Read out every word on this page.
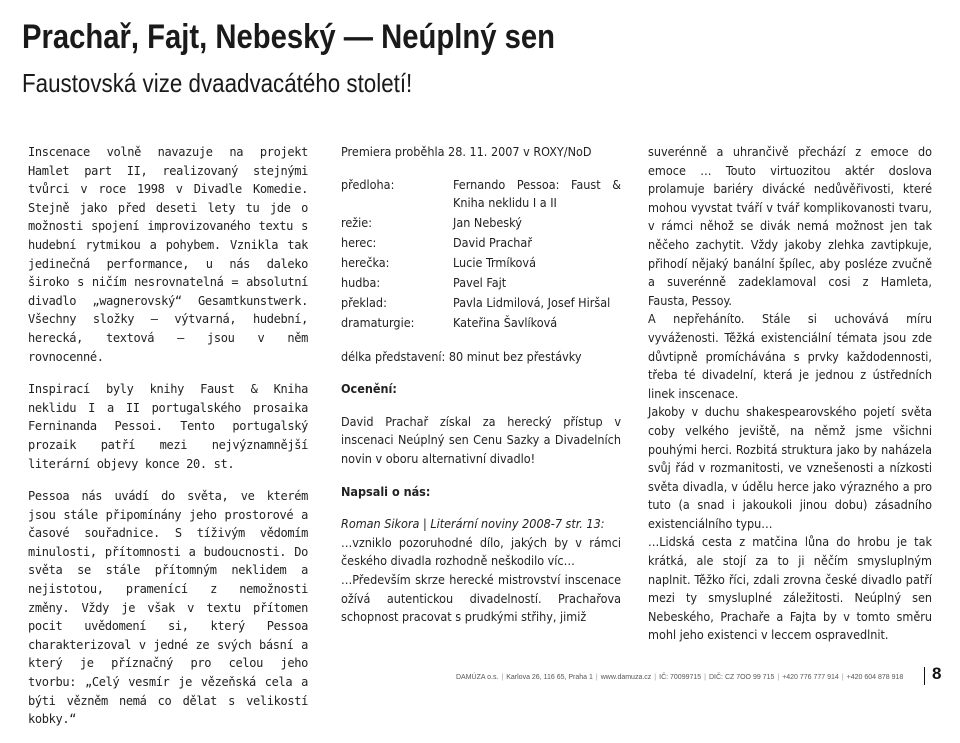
Prachař, Fajt, Nebeský — Neúplný sen
Faustovská vize dvaadvacátého století!

Inscenace volně navazuje na projekt Hamlet part II, realizovaný stejnými tvůrci v roce 1998 v Divadle Komedie. Stejně jako před deseti lety tu jde o možnosti spojení improvizovaného textu s hudební rytmikou a pohybem. Vznikla tak jedinečná performance, u nás daleko široko s ničím nesrovnatelná = absolutní divadlo „wagnerovský“ Gesamtkunstwerk. Všechny složky — výtvarná, hudební, herecká, textová — jsou v něm rovnocenné.

Inspirací byly knihy Faust & Kniha neklidu I a II portugalského prosaika Ferninanda Pessoi. Tento portugalský prozaik patří mezi nejvýznamnější literární objevy konce 20. st.

Pessoa nás uvádí do světa, ve kterém jsou stále připomínány jeho prostorové a časové souřadnice. S tíživým vědomím minulosti, přítomnosti a budoucnosti. Do světa se stále přítomným neklidem a nejistotou, pramenící z nemožnosti změny. Vždy je však v textu přítomen pocit uvědomení si, který Pessoa charakterizoval v jedné ze svých básní a který je příznačný pro celou jeho tvorbu: „Celý vesmír je vězeňská cela a býti vězněm nemá co dělat s velikostí kobky.“

Premiera proběhla 28. 11. 2007 v ROXY/NoD

předloha:	Fernando Pessoa: Faust & Kniha neklidu I a II
režie:	Jan Nebeský
herec:	David Prachař
herečka:	Lucie Trmíková
hudba:	Pavel Fajt
překlad:	Pavla Lidmilová, Josef Hiršal
dramaturgie:	Kateřina Šavlíková

délka představení: 80 minut bez přestávky

Ocenění:

David Prachař získal za herecký přístup v inscenaci Neúplný sen Cenu Sazky a Divadelních novin v oboru alternativní divadlo!

Napsali o nás:

Roman Sikora | Literární noviny 2008-7 str. 13:

…vzniklo pozoruhodné dílo, jakých by v rámci českého divadla rozhodně neškodilo víc…

…Především skrze herecké mistrovství inscenace ožívá autentickou divadelností. Prachařova schopnost pracovat s prudkými střihy, jimiž

suverénně a uhrančivě přechází z emoce do emoce … Touto virtuozitou aktér doslova prolamuje bariéry divácké nedůvěřivosti, které mohou vyvstat tváří v tvář komplikovanosti tvaru, v rámci něhož se divák nemá možnost jen tak něčeho zachytit. Vždy jakoby zlehka zavtipkuje, přihodí nějaký banální špílec, aby posléze zvučně a suverénně zadeklamoval cosi z Hamleta, Fausta, Pessoy.

A nepřeháníto. Stále si uchovává míru vyváženosti. Těžká existenciální témata jsou zde důvtipně promíchávána s prvky každodennosti, třeba té divadelní, která je jednou z ústředních linek inscenace.

Jakoby v duchu shakespearovského pojetí světa coby velkého jeviště, na němž jsme všichni pouhými herci. Rozbitá struktura jako by naházela svůj řád v rozmanitosti, ve vznešenosti a nízkosti světa divadla, v údělu herce jako výrazného a pro tuto (a snad i jakoukoli jinou dobu) zásadního existenciálního typu…

…Lidská cesta z matčina lůna do hrobu je tak krátká, ale stojí za to ji něčím smysluplným naplnit. Těžko říci, zdali zrovna české divadlo patří mezi ty smysluplné záležitosti. Neúplný sen Nebeského, Prachaře a Fajta by v tomto směru mohl jeho existenci v leccem ospravedlnit.

DAMÚZA o.s. | Karlova 26, 116 65, Praha 1 | www.damuza.cz | IČ: 70099715 | DIČ: CZ 7OO 99 715 | +420 776 777 914 | +420 604 878 918 8
